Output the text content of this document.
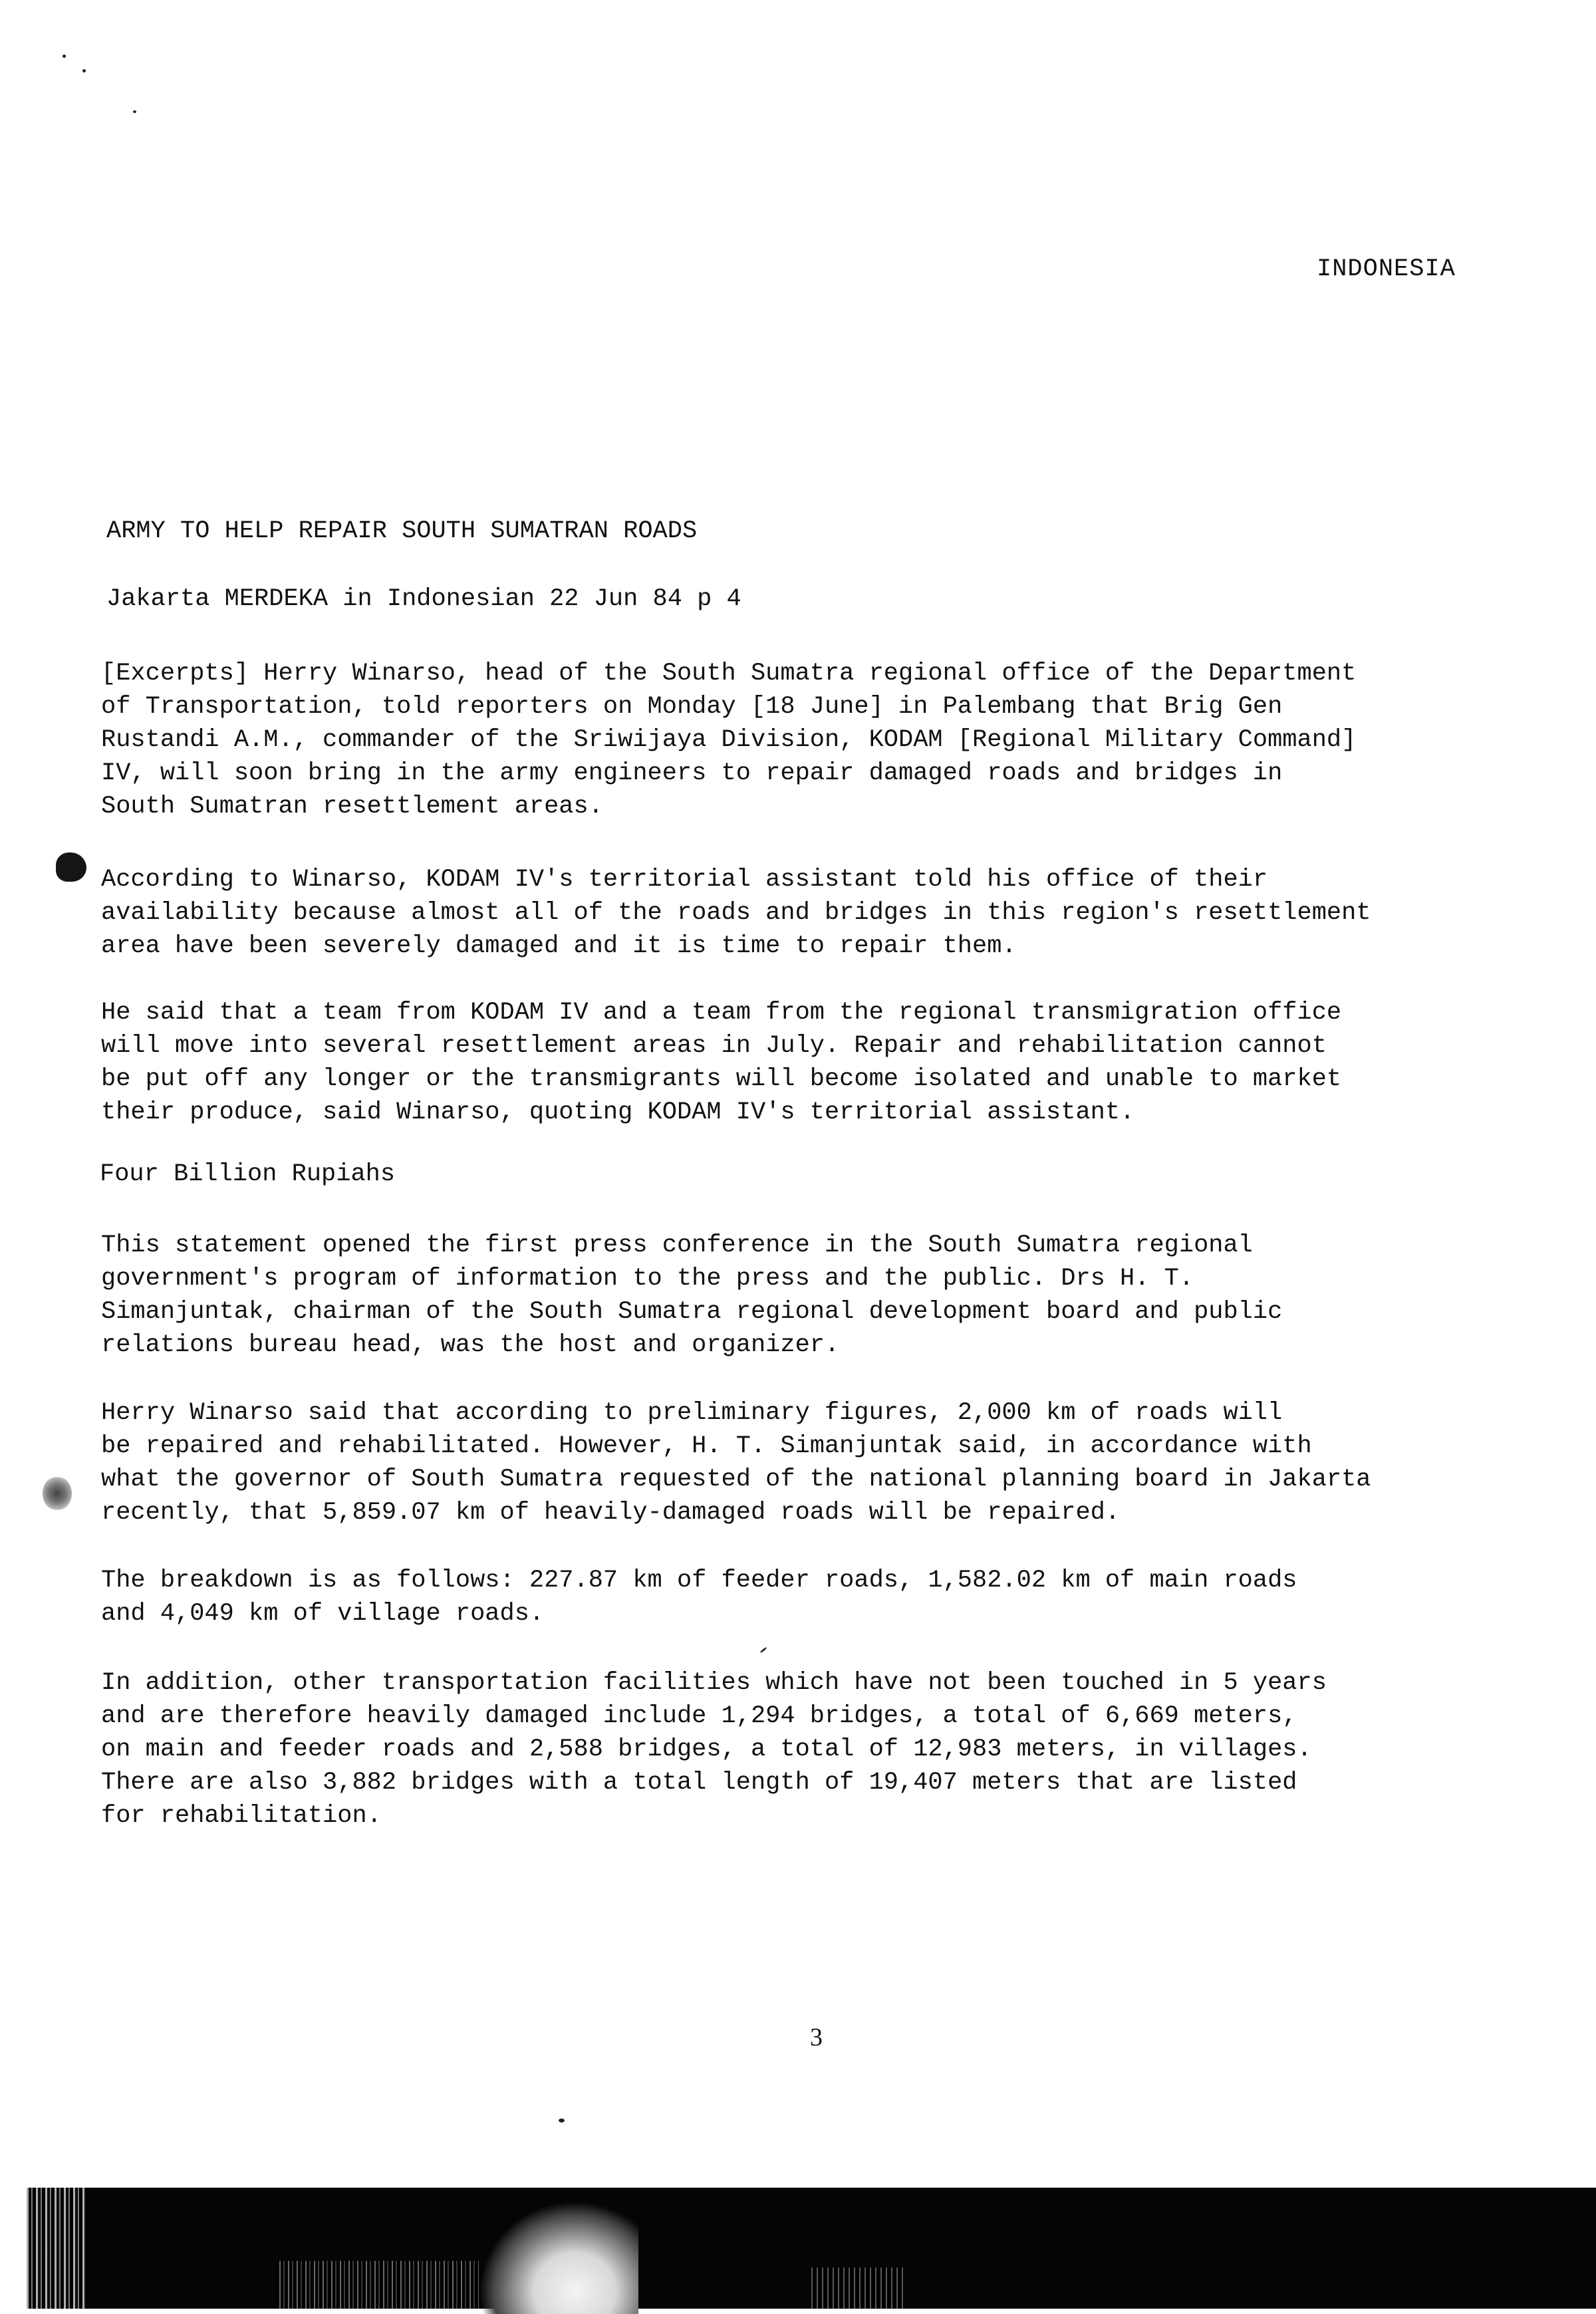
INDONESIA
ARMY TO HELP REPAIR SOUTH SUMATRAN ROADS
Jakarta MERDEKA in Indonesian 22 Jun 84 p 4

[Excerpts] Herry Winarso, head of the South Sumatra regional office of the Department
of Transportation, told reporters on Monday [18 June] in Palembang that Brig Gen
Rustandi A.M., commander of the Sriwijaya Division, KODAM [Regional Military Command]
IV, will soon bring in the army engineers to repair damaged roads and bridges in
South Sumatran resettlement areas.

According to Winarso, KODAM IV's territorial assistant told his office of their
availability because almost all of the roads and bridges in this region's resettlement
area have been severely damaged and it is time to repair them.

He said that a team from KODAM IV and a team from the regional transmigration office
will move into several resettlement areas in July. Repair and rehabilitation cannot
be put off any longer or the transmigrants will become isolated and unable to market
their produce, said Winarso, quoting KODAM IV's territorial assistant.

Four Billion Rupiahs

This statement opened the first press conference in the South Sumatra regional
government's program of information to the press and the public. Drs H. T.
Simanjuntak, chairman of the South Sumatra regional development board and public
relations bureau head, was the host and organizer.

Herry Winarso said that according to preliminary figures, 2,000 km of roads will
be repaired and rehabilitated. However, H. T. Simanjuntak said, in accordance with
what the governor of South Sumatra requested of the national planning board in Jakarta
recently, that 5,859.07 km of heavily-damaged roads will be repaired.

The breakdown is as follows: 227.87 km of feeder roads, 1,582.02 km of main roads
and 4,049 km of village roads.

In addition, other transportation facilities which have not been touched in 5 years
and are therefore heavily damaged include 1,294 bridges, a total of 6,669 meters,
on main and feeder roads and 2,588 bridges, a total of 12,983 meters, in villages.
There are also 3,882 bridges with a total length of 19,407 meters that are listed
for rehabilitation.

3
